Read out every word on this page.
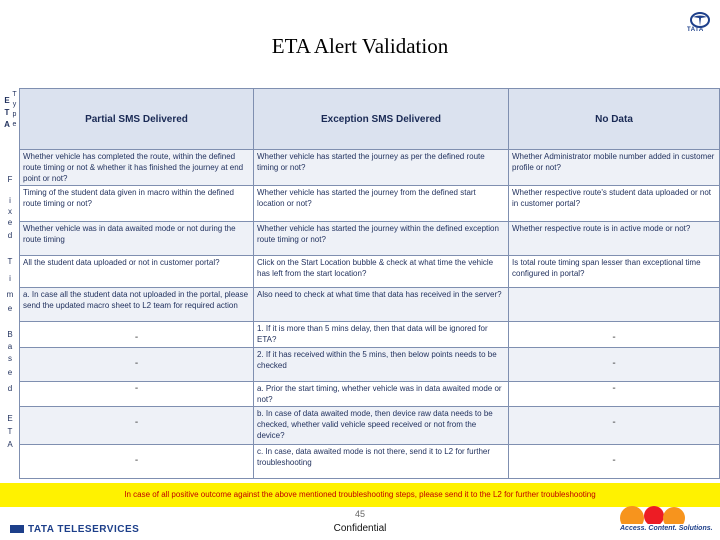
ETA Alert Validation
TATA
E
T
A
T
y
p
e
F
i
x
e
d
T
i
m
e
B
a
s
e
d
E
T
A
Partial SMS Delivered	Exception SMS Delivered	No Data
Whether vehicle has completed the route, within the defined route timing or not & whether it has finished the journey at end point or not?	Whether vehicle has started the journey as per the defined route timing or not?	Whether Administrator mobile number added in customer profile or not?
Timing of the student data given in macro within the defined route timing or not?	Whether vehicle has started the journey from the defined start location or not?	Whether respective route's student data uploaded or not in customer portal?
Whether vehicle was in data awaited mode or not during the route timing	Whether vehicle has started the journey within the defined exception route timing or not?	Whether respective route is in active mode or not?
All the student data uploaded or not in customer portal?	Click on the Start Location bubble & check at what time the vehicle has left from the start location?	Is total route timing span lesser than exceptional time configured in portal?
a. In case all the student data not uploaded in the portal, please send the updated macro sheet to L2 team for required action	Also need to check at what time that data has received in the server?	
-	1. If it is more than 5 mins delay, then that data will be ignored for ETA?	-
-	2. If it has received within the 5 mins, then below points needs to be checked	-
-	a. Prior the start timing, whether vehicle was in data awaited mode or not?	-
-	b. In case of data awaited mode, then device raw data needs to be checked, whether valid vehicle speed received or not from the device?	-
-	c. In case, data awaited mode is not there, send it to L2 for further troubleshooting	-
In case of all positive outcome against the above mentioned troubleshooting steps, please send it to the L2 for further troubleshooting
TATA TELESERVICES
45
Confidential	Access. Content. Solutions.
